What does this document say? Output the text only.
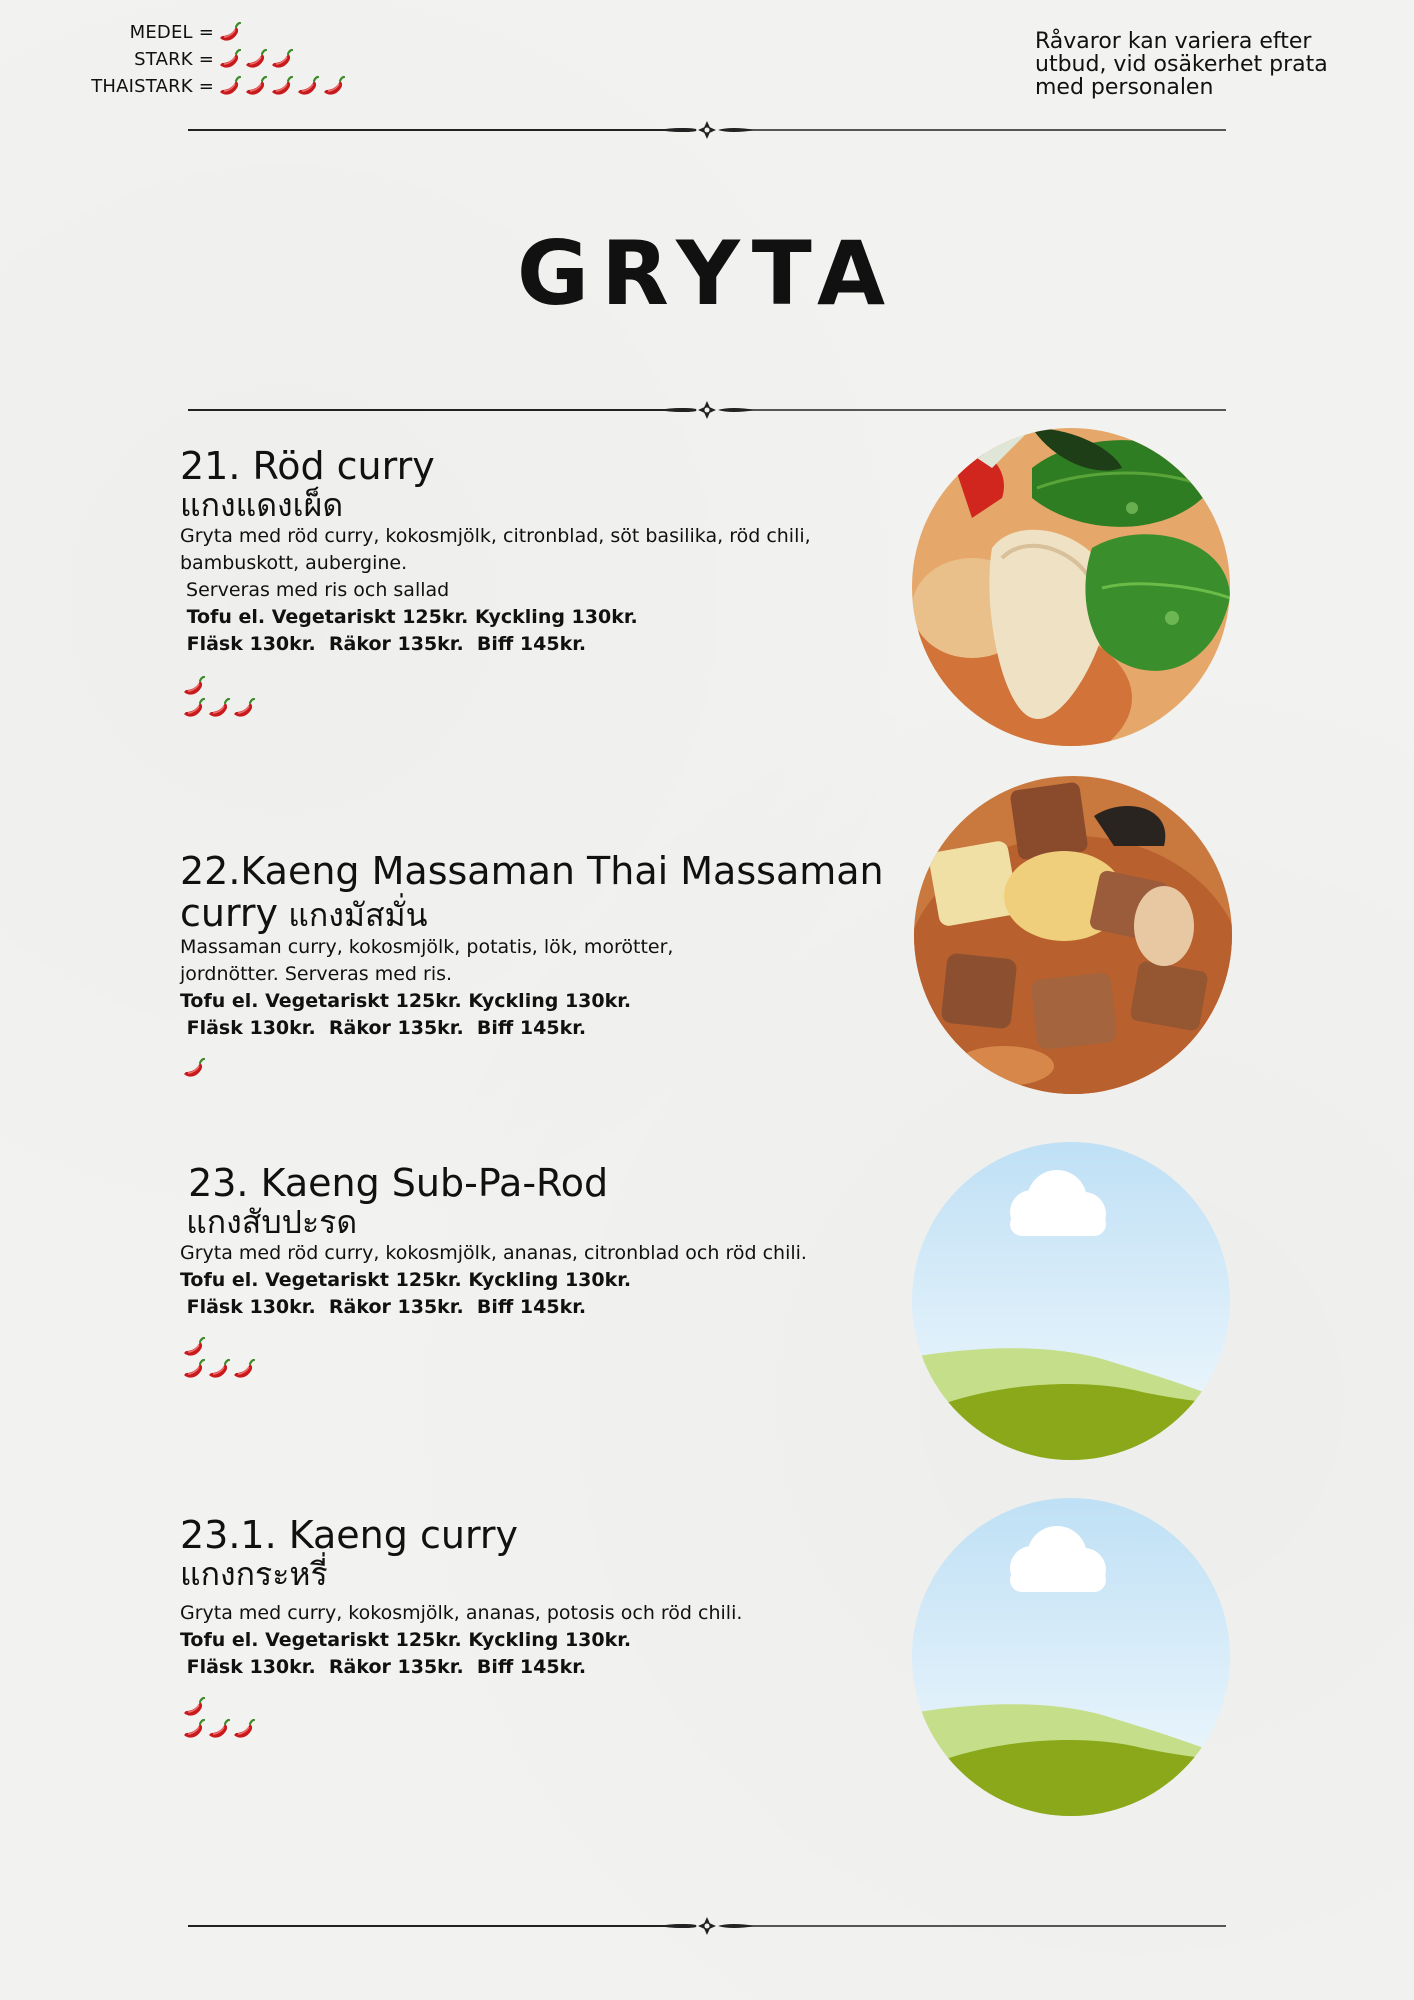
MEDEL =
STARK =
THAISTARK =
Råvaror kan variera efter utbud, vid osäkerhet prata med personalen
GRYTA
21. Röd curry
แกงแดงเผ็ด
Gryta med röd curry, kokosmjölk, citronblad, söt basilika, röd chili, bambuskott, aubergine.
Serveras med ris och sallad
Tofu el. Vegetariskt 125kr. Kyckling 130kr.
Fläsk 130kr.  Räkor 135kr.  Biff 145kr.
22.Kaeng Massaman Thai Massaman
curry แกงมัสมั่น
Massaman curry, kokosmjölk, potatis, lök, morötter, jordnötter. Serveras med ris.
Tofu el. Vegetariskt 125kr. Kyckling 130kr.
Fläsk 130kr.  Räkor 135kr.  Biff 145kr.
23. Kaeng Sub-Pa-Rod
แกงสับปะรด
Gryta med röd curry, kokosmjölk, ananas, citronblad och röd chili.
Tofu el. Vegetariskt 125kr. Kyckling 130kr.
Fläsk 130kr.  Räkor 135kr.  Biff 145kr.
23.1. Kaeng curry
แกงกระหรี่
Gryta med curry, kokosmjölk, ananas, potosis och röd chili.
Tofu el. Vegetariskt 125kr. Kyckling 130kr.
Fläsk 130kr.  Räkor 135kr.  Biff 145kr.
